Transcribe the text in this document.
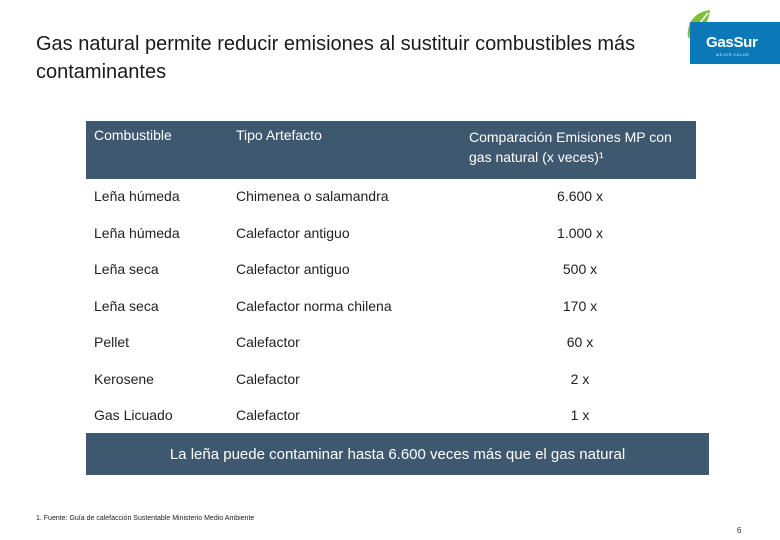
Gas natural permite reducir emisiones al sustituir combustibles más contaminantes
GasSur
MEJOR CALOR
Combustible	Tipo Artefacto	Comparación Emisiones MP con gas natural (x veces)¹
Leña húmeda	Chimenea o salamandra	6.600 x
Leña húmeda	Calefactor antiguo	1.000 x
Leña seca	Calefactor antiguo	500 x
Leña seca	Calefactor norma chilena	170 x
Pellet	Calefactor	60 x
Kerosene	Calefactor	2 x
Gas Licuado	Calefactor	1 x
La leña puede contaminar hasta 6.600 veces más que el gas natural
1. Fuente: Guía de calefacción Sustentable Ministerio Medio Ambiente
6
